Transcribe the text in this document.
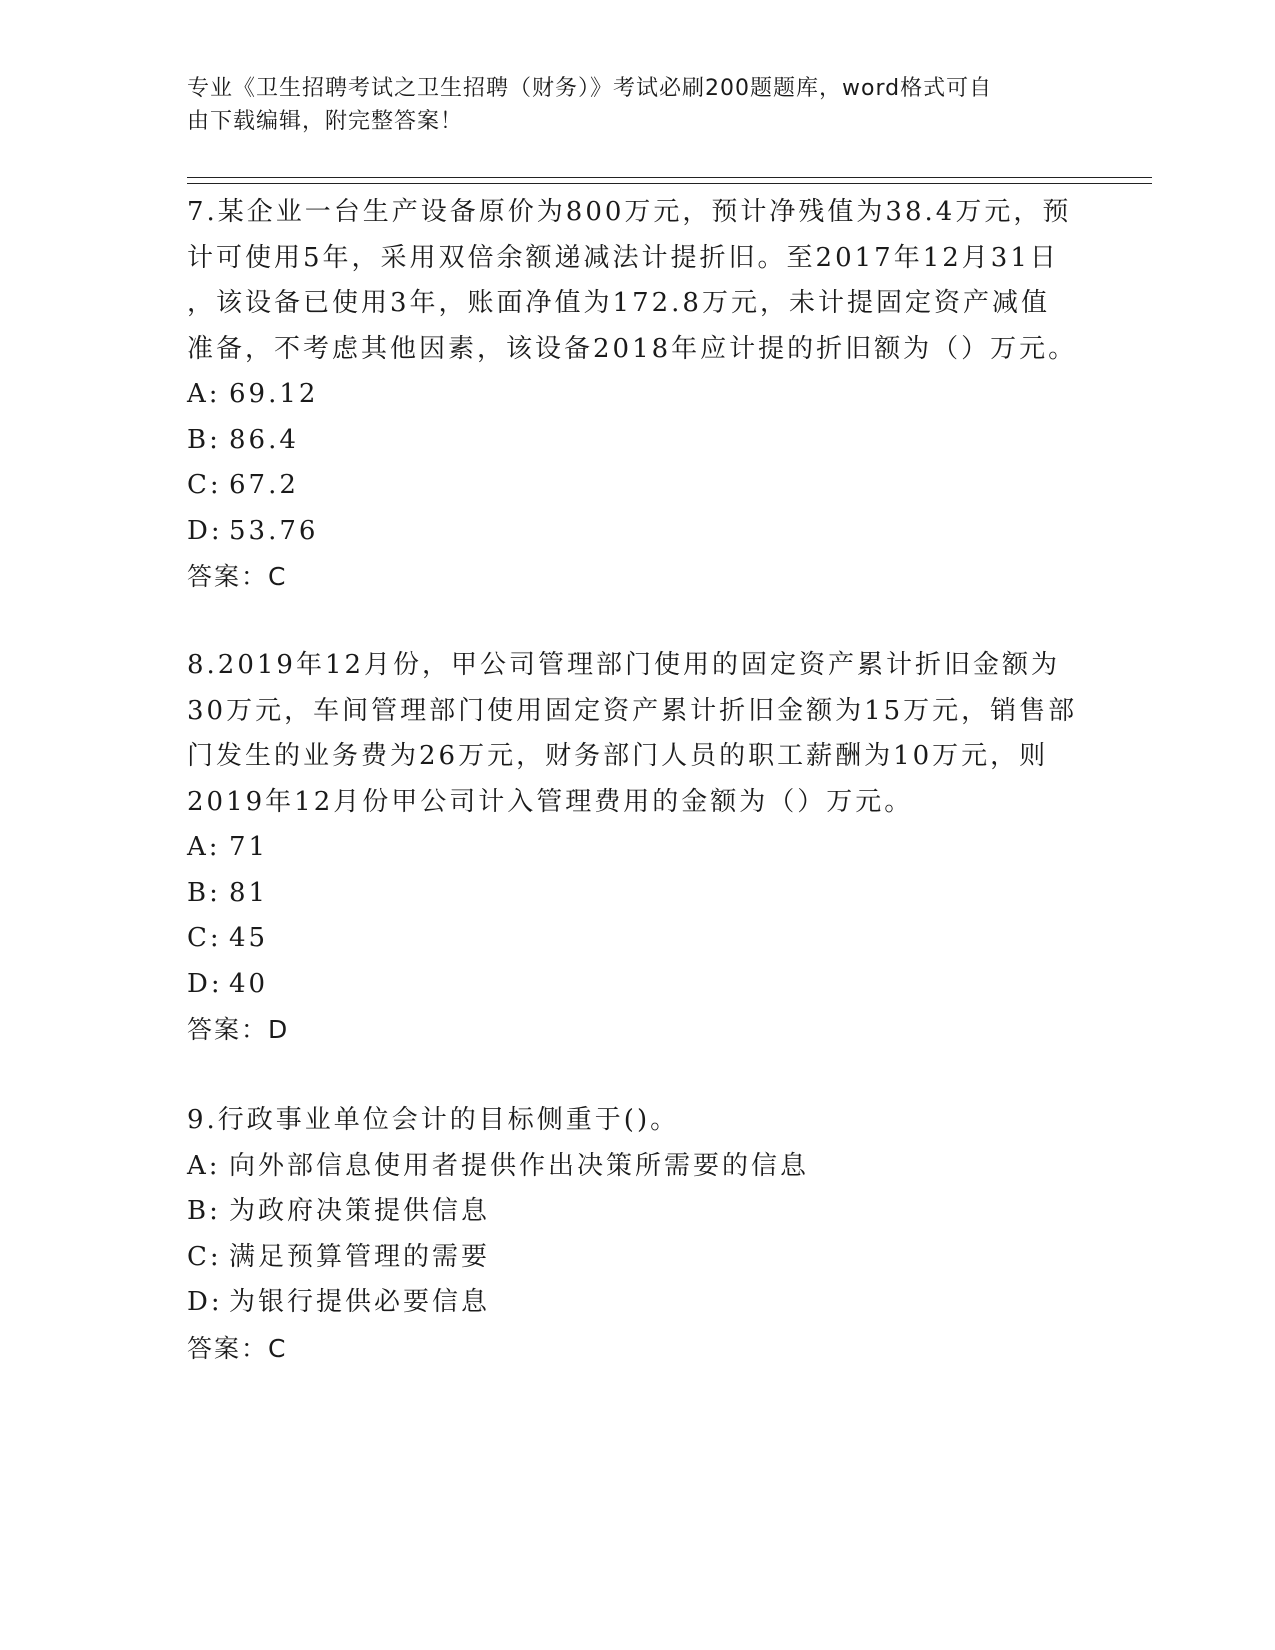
专业《卫生招聘考试之卫生招聘（财务）》考试必刷200题题库，word格式可自
由下载编辑，附完整答案！

7.某企业一台生产设备原价为800万元，预计净残值为38.4万元，预
计可使用5年，采用双倍余额递减法计提折旧。至2017年12月31日
，该设备已使用3年，账面净值为172.8万元，未计提固定资产减值
准备，不考虑其他因素，该设备2018年应计提的折旧额为（）万元。

A: 69.12
B: 86.4
C: 67.2
D: 53.76

答案：C

8.2019年12月份，甲公司管理部门使用的固定资产累计折旧金额为
30万元，车间管理部门使用固定资产累计折旧金额为15万元，销售部
门发生的业务费为26万元，财务部门人员的职工薪酬为10万元，则
2019年12月份甲公司计入管理费用的金额为（）万元。

A: 71
B: 81
C: 45
D: 40

答案：D

9.行政事业单位会计的目标侧重于()。

A: 向外部信息使用者提供作出决策所需要的信息
B: 为政府决策提供信息
C: 满足预算管理的需要
D: 为银行提供必要信息

答案：C
